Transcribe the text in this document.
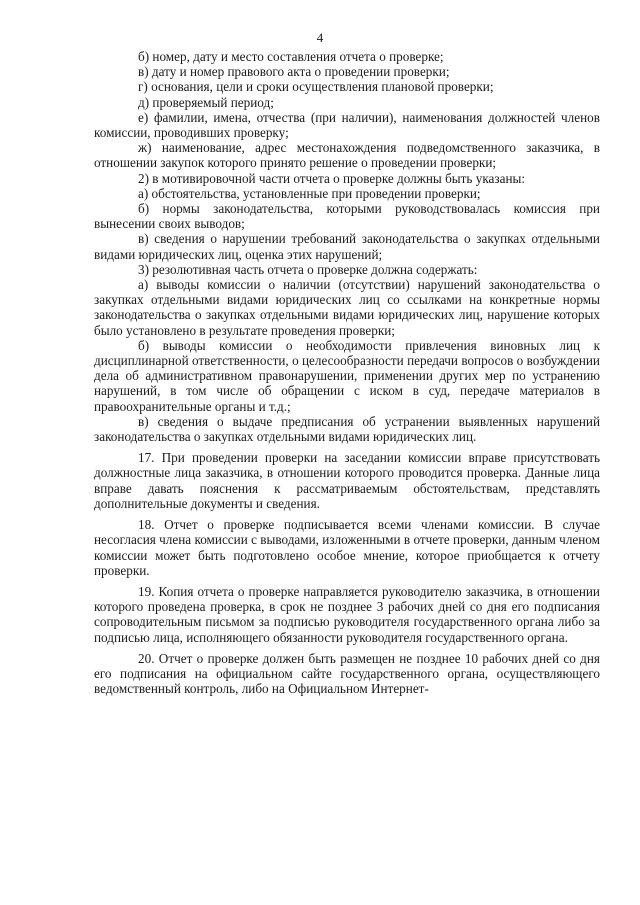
4

б) номер, дату и место составления отчета о проверке;

в) дату и номер правового акта о проведении проверки;

г) основания, цели и сроки осуществления плановой проверки;

д) проверяемый период;

е) фамилии, имена, отчества (при наличии), наименования должностей членов комиссии, проводивших проверку;

ж) наименование, адрес местонахождения подведомственного заказчика, в отношении закупок которого принято решение о проведении проверки;

2) в мотивировочной части отчета о проверке должны быть указаны:

а) обстоятельства, установленные при проведении проверки;

б) нормы законодательства, которыми руководствовалась комиссия при вынесении своих выводов;

в) сведения о нарушении требований законодательства о закупках отдельными видами юридических лиц, оценка этих нарушений;

3) резолютивная часть отчета о проверке должна содержать:

а) выводы комиссии о наличии (отсутствии) нарушений законодательства о закупках отдельными видами юридических лиц со ссылками на конкретные нормы законодательства о закупках отдельными видами юридических лиц, нарушение которых было установлено в результате проведения проверки;

б) выводы комиссии о необходимости привлечения виновных лиц к дисциплинарной ответственности, о целесообразности передачи вопросов о возбуждении дела об административном правонарушении, применении других мер по устранению нарушений, в том числе об обращении с иском в суд, передаче материалов в правоохранительные органы и т.д.;

в) сведения о выдаче предписания об устранении выявленных нарушений законодательства о закупках отдельными видами юридических лиц.

17. При проведении проверки на заседании комиссии вправе присутствовать должностные лица заказчика, в отношении которого проводится проверка. Данные лица вправе давать пояснения к рассматриваемым обстоятельствам, представлять дополнительные документы и сведения.

18. Отчет о проверке подписывается всеми членами комиссии. В случае несогласия члена комиссии с выводами, изложенными в отчете проверки, данным членом комиссии может быть подготовлено особое мнение, которое приобщается к отчету проверки.

19. Копия отчета о проверке направляется руководителю заказчика, в отношении которого проведена проверка, в срок не позднее 3 рабочих дней со дня его подписания сопроводительным письмом за подписью руководителя государственного органа либо за подписью лица, исполняющего обязанности руководителя государственного органа.

20. Отчет о проверке должен быть размещен не позднее 10 рабочих дней со дня его подписания на официальном сайте государственного органа, осуществляющего ведомственный контроль, либо на Официальном Интернет-
